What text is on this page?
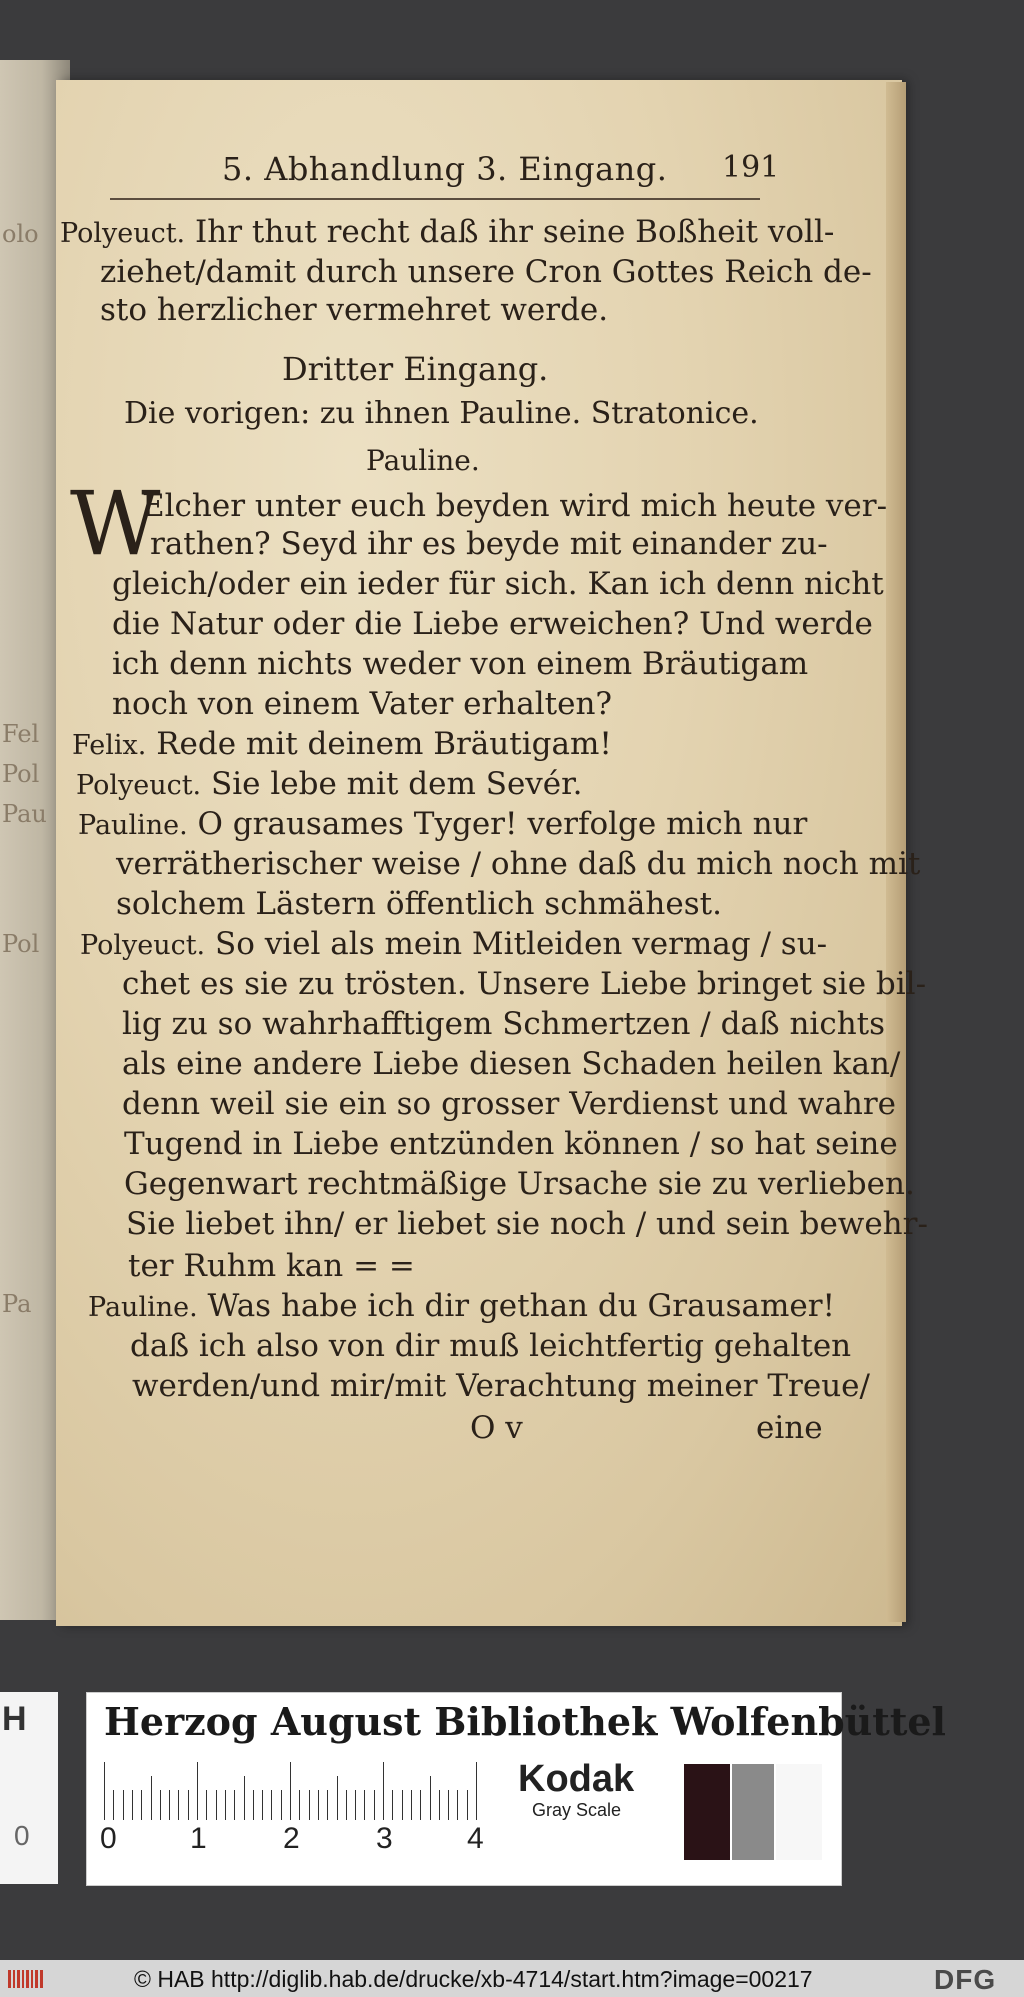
olo
Fel
Pol
Pau
Pol
Pa
5. Abhandlung 3. Eingang. 191
Polyeuct. Ihr thut recht daß ihr seine Boßheit voll-
ziehet/damit durch unsere Cron Gottes Reich de-
sto herzlicher vermehret werde.
Dritter Eingang.
Die vorigen: zu ihnen Pauline. Stratonice.
Pauline.
W
Elcher unter euch beyden wird mich heute ver-
rathen? Seyd ihr es beyde mit einander zu-
gleich/oder ein ieder für sich. Kan ich denn nicht
die Natur oder die Liebe erweichen? Und werde
ich denn nichts weder von einem Bräutigam
noch von einem Vater erhalten?
Felix. Rede mit deinem Bräutigam!
Polyeuct. Sie lebe mit dem Sevér.
Pauline. O grausames Tyger! verfolge mich nur
verrätherischer weise / ohne daß du mich noch mit
solchem Lästern öffentlich schmähest.
Polyeuct. So viel als mein Mitleiden vermag / su-
chet es sie zu trösten. Unsere Liebe bringet sie bil-
lig zu so wahrhafftigem Schmertzen / daß nichts
als eine andere Liebe diesen Schaden heilen kan/
denn weil sie ein so grosser Verdienst und wahre
Tugend in Liebe entzünden können / so hat seine
Gegenwart rechtmäßige Ursache sie zu verlieben.
Sie liebet ihn/ er liebet sie noch / und sein bewehr-
ter Ruhm kan = =
Pauline. Was habe ich dir gethan du Grausamer!
daß ich also von dir muß leichtfertig gehalten
werden/und mir/mit Verachtung meiner Treue/
O v	eine
H
0
Herzog August Bibliothek Wolfenbüttel
0 1	2	3 4
Kodak
Gray Scale
© HAB http://diglib.hab.de/drucke/xb-4714/start.htm?image=00217	DFG
